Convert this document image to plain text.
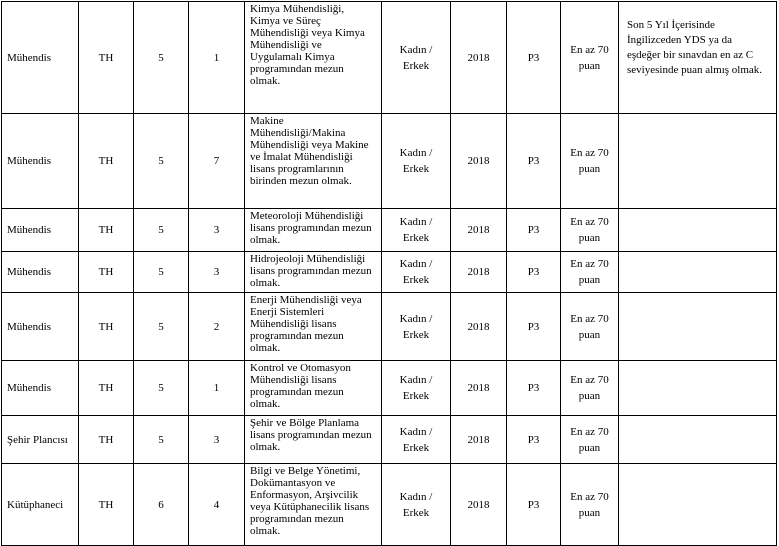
Mühendis	TH	5	1	Kimya Mühendisliği, Kimya ve Süreç Mühendisliği veya Kimya Mühendisliği ve Uygulamalı Kimya programından mezun olmak.	Kadın / Erkek	2018	P3	En az 70 puan	Son 5 Yıl İçerisinde İngilizceden YDS ya da eşdeğer bir sınavdan en az C seviyesinde puan almış olmak.
Mühendis	TH	5	7	Makine Mühendisliği/Makina Mühendisliği veya Makine ve İmalat Mühendisliği lisans programlarının birinden mezun olmak.	Kadın / Erkek	2018	P3	En az 70 puan	
Mühendis	TH	5	3	Meteoroloji Mühendisliği lisans programından mezun olmak.	Kadın / Erkek	2018	P3	En az 70 puan	
Mühendis	TH	5	3	Hidrojeoloji Mühendisliği lisans programından mezun olmak.	Kadın / Erkek	2018	P3	En az 70 puan	
Mühendis	TH	5	2	Enerji Mühendisliği veya Enerji Sistemleri Mühendisliği lisans programından mezun olmak.	Kadın / Erkek	2018	P3	En az 70 puan	
Mühendis	TH	5	1	Kontrol ve Otomasyon Mühendisliği lisans programından mezun olmak.	Kadın / Erkek	2018	P3	En az 70 puan	
Şehir Plancısı	TH	5	3	Şehir ve Bölge Planlama lisans programından mezun olmak.	Kadın / Erkek	2018	P3	En az 70 puan	
Kütüphaneci	TH	6	4	Bilgi ve Belge Yönetimi, Dokümantasyon ve Enformasyon, Arşivcilik veya Kütüphanecilik lisans programından mezun olmak.	Kadın / Erkek	2018	P3	En az 70 puan	
